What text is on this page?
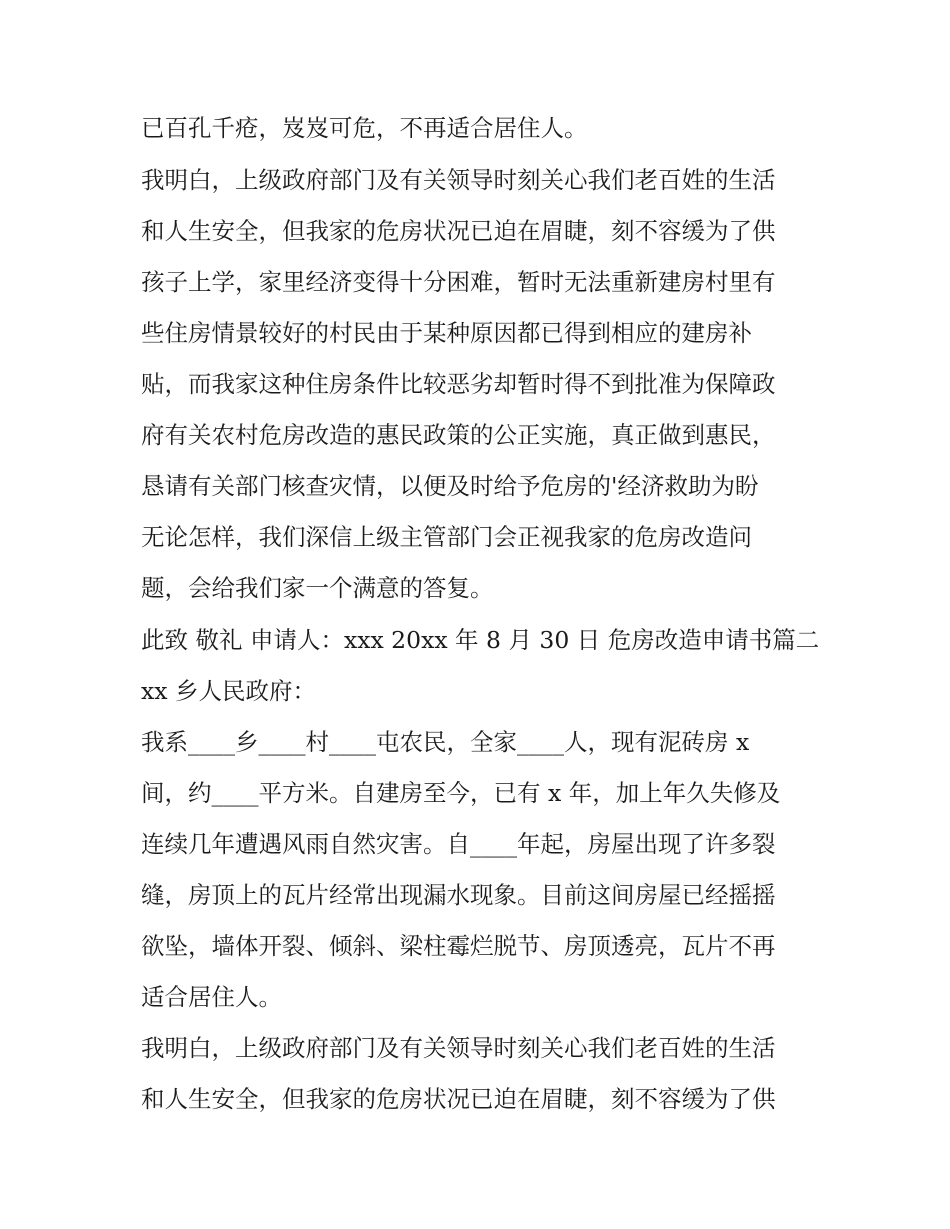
已百孔千疮，岌岌可危，不再适合居住人。
我明白，上级政府部门及有关领导时刻关心我们老百姓的生活
和人生安全，但我家的危房状况已迫在眉睫，刻不容缓为了供
孩子上学，家里经济变得十分困难，暂时无法重新建房村里有
些住房情景较好的村民由于某种原因都已得到相应的建房补
贴，而我家这种住房条件比较恶劣却暂时得不到批准为保障政
府有关农村危房改造的惠民政策的公正实施，真正做到惠民，
恳请有关部门核查灾情，以便及时给予危房的'经济救助为盼
无论怎样，我们深信上级主管部门会正视我家的危房改造问
题，会给我们家一个满意的答复。
此致 敬礼 申请人：xxx 20xx 年 8 月 30 日 危房改造申请书篇二
xx 乡人民政府：
我系____乡____村____屯农民，全家____人，现有泥砖房 x
间，约____平方米。自建房至今，已有 x 年，加上年久失修及
连续几年遭遇风雨自然灾害。自____年起，房屋出现了许多裂
缝，房顶上的瓦片经常出现漏水现象。目前这间房屋已经摇摇
欲坠，墙体开裂、倾斜、梁柱霉烂脱节、房顶透亮，瓦片不再
适合居住人。
我明白，上级政府部门及有关领导时刻关心我们老百姓的生活
和人生安全，但我家的危房状况已迫在眉睫，刻不容缓为了供
